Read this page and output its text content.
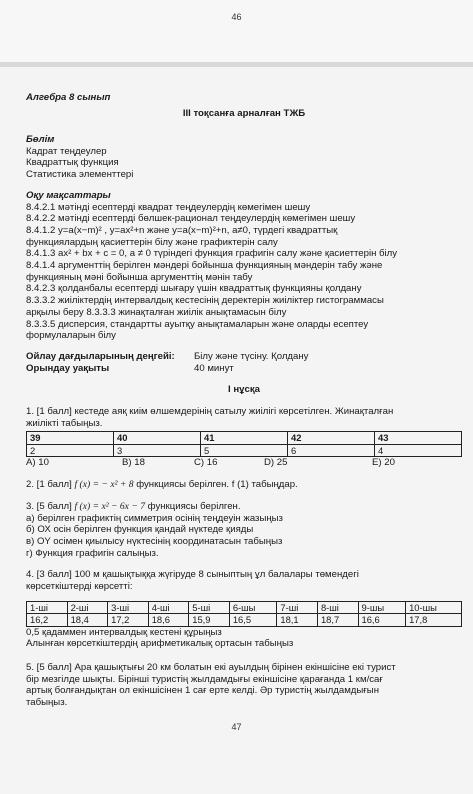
46
Алгебра 8 сынып
III тоқсанға арналған ТЖБ
Бөлім

Кадрат теңдеулер

Квадраттық функция

Статистика элементтері

Оқу мақсаттары

8.4.2.1 мәтінді есептерді квадрат теңдеулердің көмегімен шешу

8.4.2.2 мәтінді есептерді бөлшек-рационал теңдеулердің көмегімен шешу

8.4.1.2 y=a(x−m)² , y=ax²+n және y=a(x−m)²+n, a≠0, түрдегі квадраттық

функциялардың қасиеттерін білу және графиктерін салу

8.4.1.3 ax² + bx + c = 0, a ≠ 0 түріндегі функция графигін салу және қасиеттерін білу

8.4.1.4 аргументтің берілген мәндері бойынша функцияның мәндерін табу және

функцияның мәні бойынша аргументтің мәнін табу

8.4.2.3 қолданбалы есептерді шығару үшін квадраттық функцияны қолдану

8.3.3.2 жиіліктердің интервалдық кестесінің деректерін жиіліктер гистограммасы

арқылы беру 8.3.3.3 жинақталған жиілік анықтамасын білу

8.3.3.5 дисперсия, стандартты ауытқу анықтамаларын және оларды есептеу

формулаларын білу

Ойлау дағдыларының деңгейі:	Білу және түсіну. Қолдану
Орындау уақыты	40 минут
I нұсқа

1. [1 балл] кестеде аяқ киім өлшемдерінің сатылу жиілігі көрсетілген. Жинақталған

жиілікті табыңыз.

39	40	41	42	43
2	3	5	6	4
А) 10	В) 18	С) 16	D) 25	Е) 20

2. [1 балл] f (x) = − x² + 8 функциясы берілген. f (1) табыңдар.

3. [5 балл] f (x) = x² − 6x − 7 функциясы берілген.

а) берілген графиктің симметрия осінің теңдеуін жазыңыз

б) ОХ осін берілген функция қандай нүктеде қияды

в) OY осімен қиылысу нүктесінің координатасын табыңыз

г) Функция графигін салыңыз.

4. [3 балл] 100 м қашықтыққа жүгіруде 8 сыныптың ұл балалары төмендегі

көрсеткіштерді көрсетті:

1-ші	2-ші	3-ші	4-ші	5-ші	6-шы	7-ші	8-ші	9-шы	10-шы
16,2	18,4	17,2	18,6	15,9	16,5	18,1	18,7	16,6	17,8

0,5 қадаммен интервалдық кестені құрыңыз

Алынған көрсеткіштердің арифметикалық ортасын табыңыз

5. [5 балл] Ара қашықтығы 20 км болатын екі ауылдың бірінен екіншісіне екі турист

бір мезгілде шықты. Бірінші туристің жылдамдығы екіншісіне қарағанда 1 км/сағ

артық болғандықтан ол екіншісінен 1 сағ ерте келді. Әр туристің жылдамдығын

табыңыз.

47
